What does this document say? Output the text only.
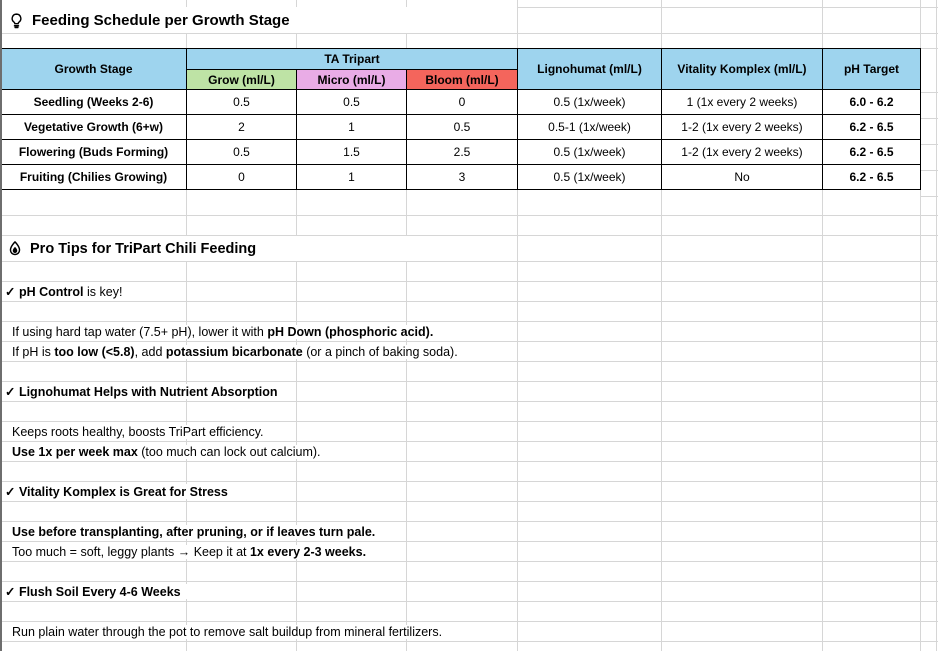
Feeding Schedule per Growth Stage
Growth Stage	TA Tripart			Lignohumat (ml/L)	Vitality Komplex (ml/L)	pH Target
	Grow (ml/L)	Micro (ml/L)	Bloom (ml/L)			
Seedling (Weeks 2-6)	0.5	0.5	0	0.5 (1x/week)	1 (1x every 2 weeks)	6.0 - 6.2
Vegetative Growth (6+w)	2	1	0.5	0.5-1 (1x/week)	1-2 (1x every 2 weeks)	6.2 - 6.5
Flowering (Buds Forming)	0.5	1.5	2.5	0.5 (1x/week)	1-2 (1x every 2 weeks)	6.2 - 6.5
Fruiting (Chilies Growing)	0	1	3	0.5 (1x/week)	No	6.2 - 6.5
Pro Tips for TriPart Chili Feeding
✓ pH Control is key!
If using hard tap water (7.5+ pH), lower it with pH Down (phosphoric acid).
If pH is too low (<5.8), add potassium bicarbonate (or a pinch of baking soda).
✓ Lignohumat Helps with Nutrient Absorption
Keeps roots healthy, boosts TriPart efficiency.
Use 1x per week max (too much can lock out calcium).
✓ Vitality Komplex is Great for Stress
Use before transplanting, after pruning, or if leaves turn pale.
Too much = soft, leggy plants → Keep it at 1x every 2-3 weeks.
✓ Flush Soil Every 4-6 Weeks
Run plain water through the pot to remove salt buildup from mineral fertilizers.
